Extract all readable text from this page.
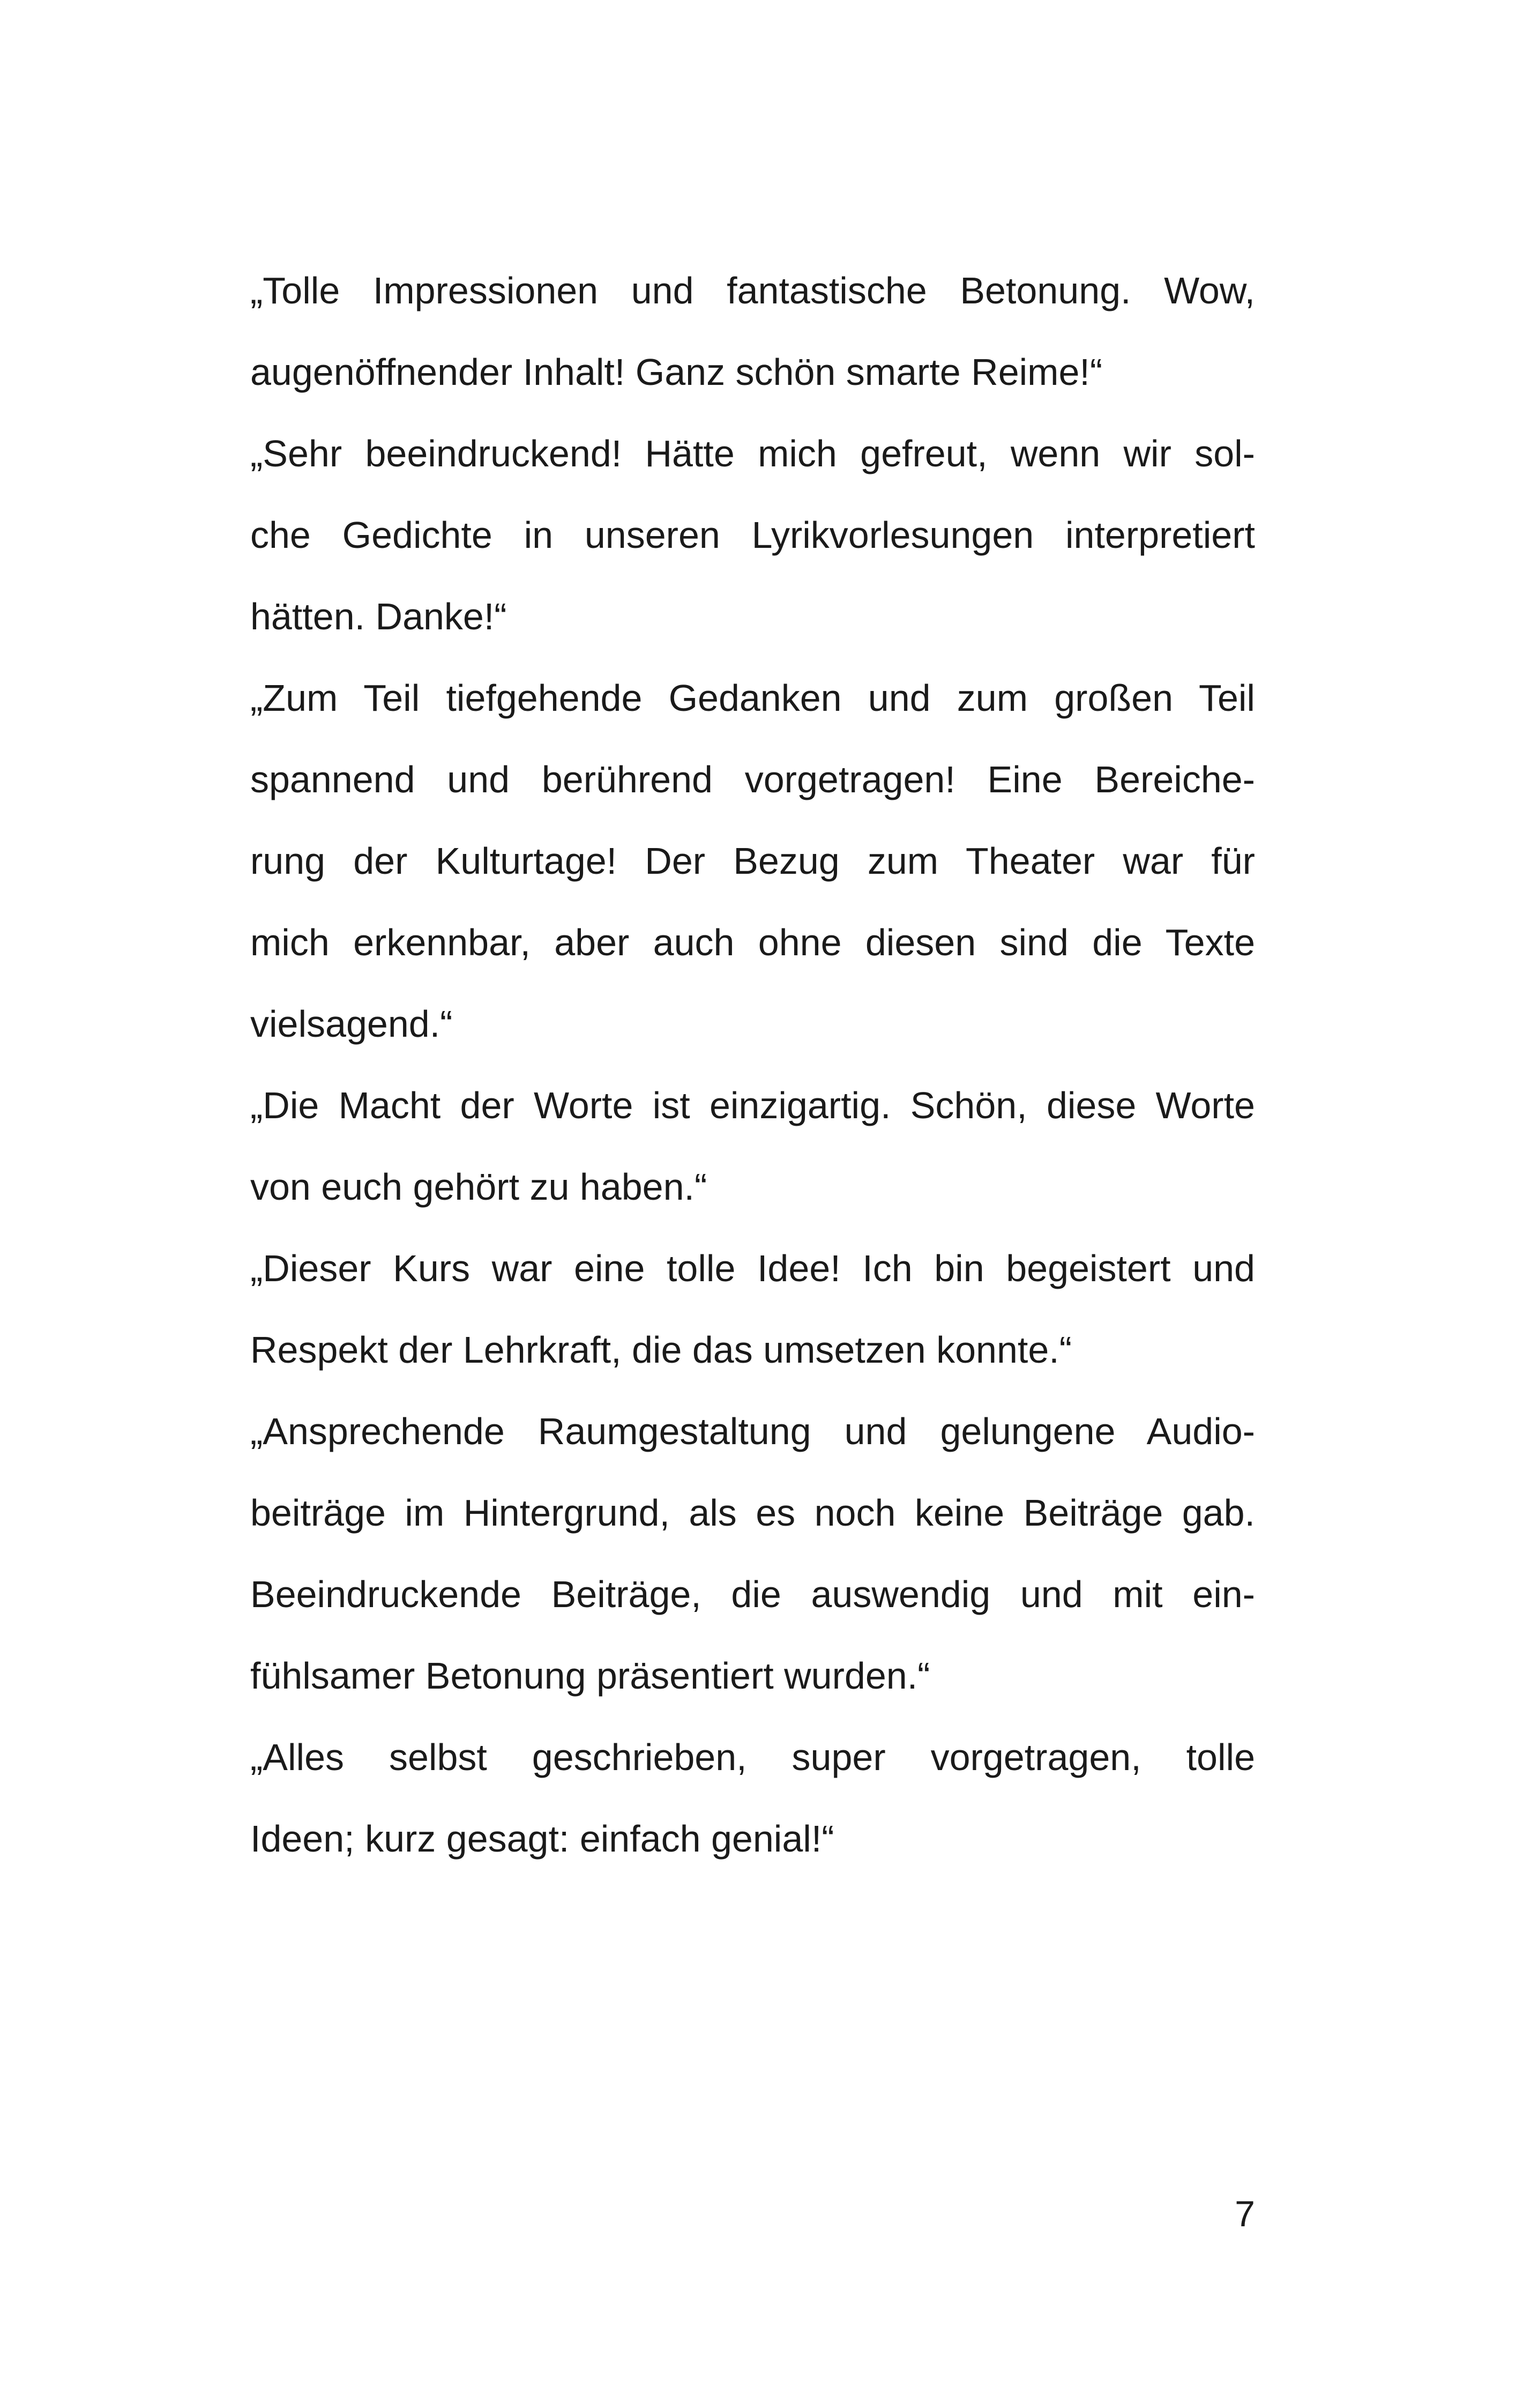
„Tolle Impressionen und fantastische Betonung. Wow,
augenöffnender Inhalt! Ganz schön smarte Reime!“
„Sehr beeindruckend! Hätte mich gefreut, wenn wir sol-
che Gedichte in unseren Lyrikvorlesungen interpretiert
hätten. Danke!“
„Zum Teil tiefgehende Gedanken und zum großen Teil
spannend und berührend vorgetragen! Eine Bereiche-
rung der Kulturtage! Der Bezug zum Theater war für
mich erkennbar, aber auch ohne diesen sind die Texte
vielsagend.“
„Die Macht der Worte ist einzigartig. Schön, diese Worte
von euch gehört zu haben.“
„Dieser Kurs war eine tolle Idee! Ich bin begeistert und
Respekt der Lehrkraft, die das umsetzen konnte.“
„Ansprechende Raumgestaltung und gelungene Audio-
beiträge im Hintergrund, als es noch keine Beiträge gab.
Beeindruckende Beiträge, die auswendig und mit ein-
fühlsamer Betonung präsentiert wurden.“
„Alles selbst geschrieben, super vorgetragen, tolle
Ideen; kurz gesagt: einfach genial!“
7
